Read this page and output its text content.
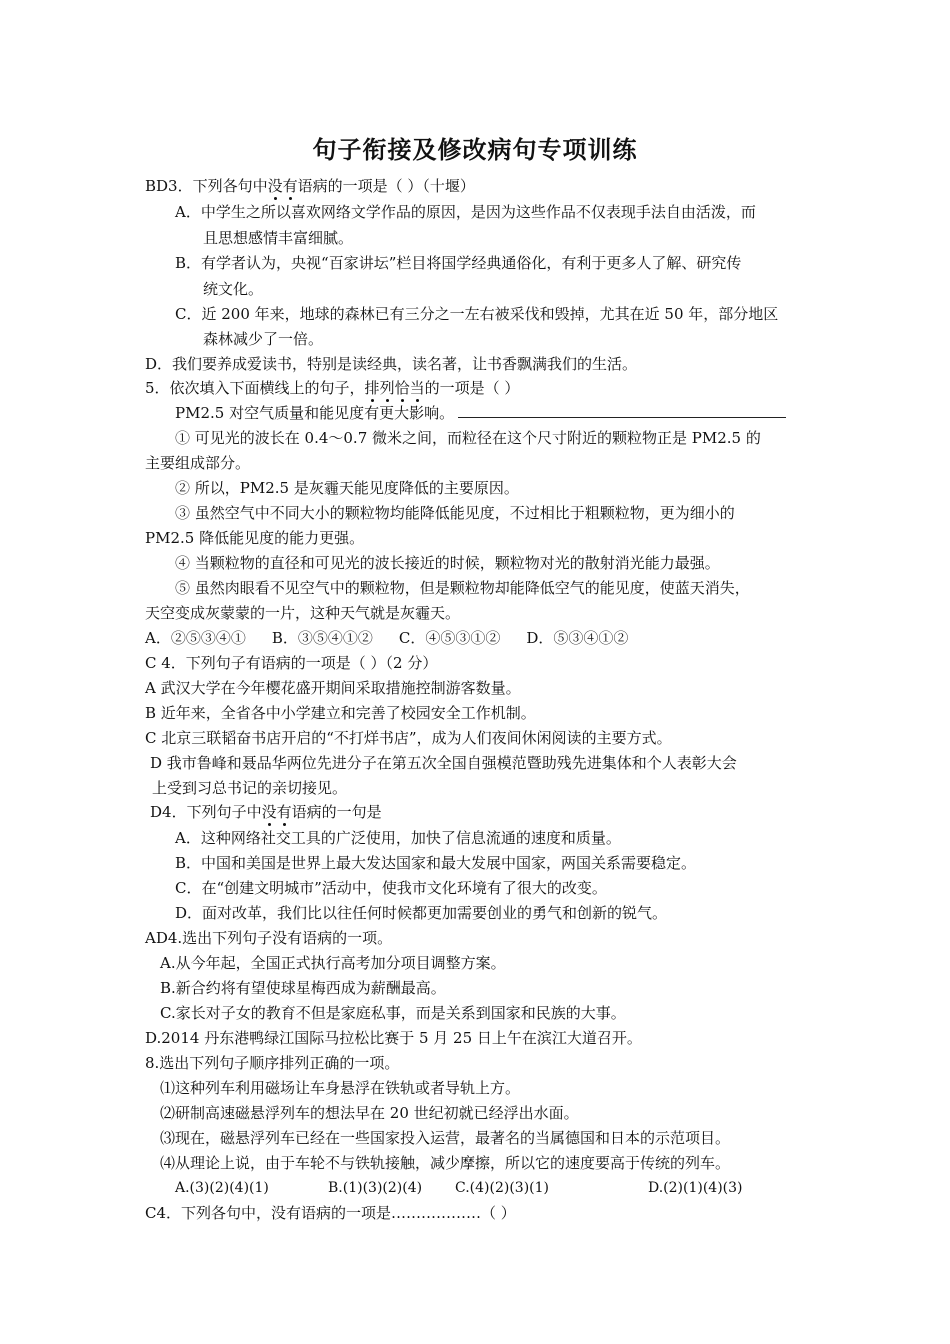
句子衔接及修改病句专项训练
BD3．下列各句中没有语病的一项是（ ）（十堰）
A．中学生之所以喜欢网络文学作品的原因，是因为这些作品不仅表现手法自由活泼，而
且思想感情丰富细腻。
B．有学者认为，央视“百家讲坛”栏目将国学经典通俗化，有利于更多人了解、研究传
统文化。
C．近 200 年来，地球的森林已有三分之一左右被采伐和毁掉，尤其在近 50 年，部分地区
森林减少了一倍。
D．我们要养成爱读书，特别是读经典，读名著，让书香飘满我们的生活。
5．依次填入下面横线上的句子，排列恰当的一项是（ ）
PM2.5 对空气质量和能见度有更大影响。
① 可见光的波长在 0.4～0.7 微米之间，而粒径在这个尺寸附近的颗粒物正是 PM2.5 的
主要组成部分。
② 所以，PM2.5 是灰霾天能见度降低的主要原因。
③ 虽然空气中不同大小的颗粒物均能降低能见度，不过相比于粗颗粒物，更为细小的
PM2.5 降低能见度的能力更强。
④ 当颗粒物的直径和可见光的波长接近的时候，颗粒物对光的散射消光能力最强。
⑤ 虽然肉眼看不见空气中的颗粒物，但是颗粒物却能降低空气的能见度，使蓝天消失，
天空变成灰蒙蒙的一片，这种天气就是灰霾天。
A．②⑤③④① B．③⑤④①② C．④⑤③①② D．⑤③④①②
C 4．下列句子有语病的一项是（ ）（2 分）
A 武汉大学在今年樱花盛开期间采取措施控制游客数量。
B 近年来，全省各中小学建立和完善了校园安全工作机制。
C 北京三联韬奋书店开启的“不打烊书店”，成为人们夜间休闲阅读的主要方式。
D 我市鲁峰和聂品华两位先进分子在第五次全国自强模范暨助残先进集体和个人表彰大会
上受到习总书记的亲切接见。
D4．下列句子中没有语病的一句是
A．这种网络社交工具的广泛使用，加快了信息流通的速度和质量。
B．中国和美国是世界上最大发达国家和最大发展中国家，两国关系需要稳定。
C．在“创建文明城市”活动中，使我市文化环境有了很大的改变。
D．面对改革，我们比以往任何时候都更加需要创业的勇气和创新的锐气。
AD4.选出下列句子没有语病的一项。
A.从今年起，全国正式执行高考加分项目调整方案。
B.新合约将有望使球星梅西成为薪酬最高。
C.家长对子女的教育不但是家庭私事，而是关系到国家和民族的大事。
D.2014 丹东港鸭绿江国际马拉松比赛于 5 月 25 日上午在滨江大道召开。
8.选出下列句子顺序排列正确的一项。
⑴这种列车利用磁场让车身悬浮在铁轨或者导轨上方。
⑵研制高速磁悬浮列车的想法早在 20 世纪初就已经浮出水面。
⑶现在，磁悬浮列车已经在一些国家投入运营，最著名的当属德国和日本的示范项目。
⑷从理论上说，由于车轮不与铁轨接触，减少摩擦，所以它的速度要高于传统的列车。
A.(3)(2)(4)(1)	B.(1)(3)(2)(4) C.(4)(2)(3)(1)	D.(2)(1)(4)(3)
C4．下列各句中，没有语病的一项是………………（ ）
